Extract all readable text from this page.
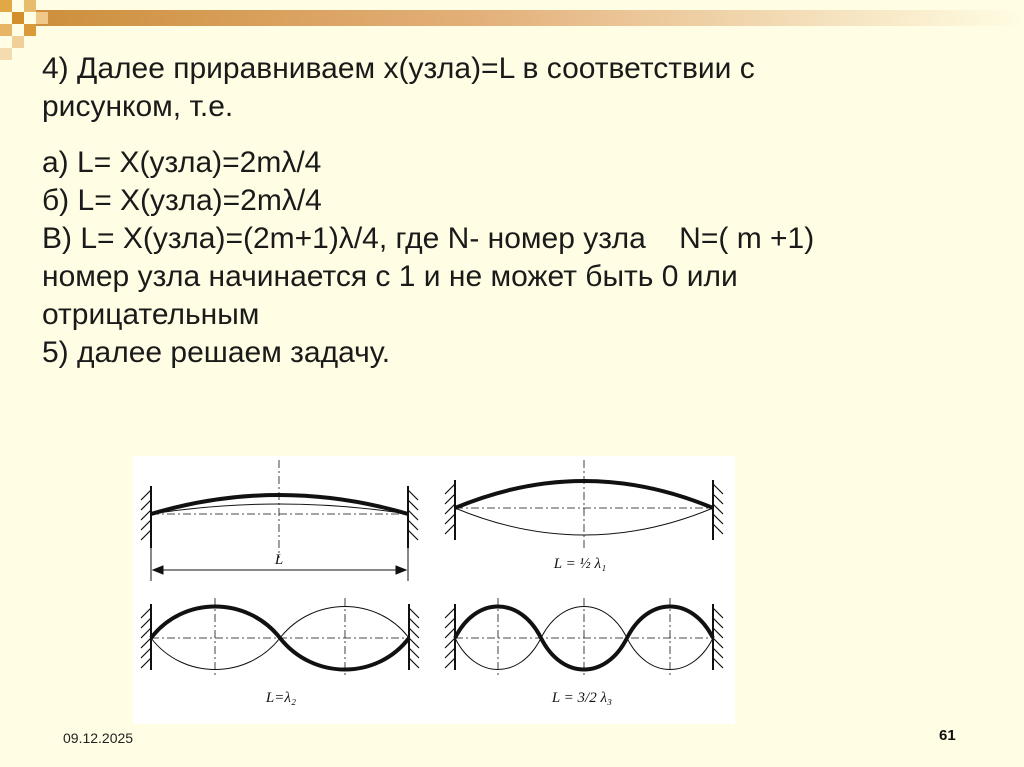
4) Далее приравниваем х(узла)=L в соответствии с

рисунком, т.е.

а) L= Х(узла)=2mλ/4

б) L= Х(узла)=2mλ/4

В) L= Х(узла)=(2m+1)λ/4, где N- номер узла    N=( m +1)

номер узла начинается с 1 и не может быть 0 или

отрицательным

5) далее решаем задачу.

L	L = ½ λ₁
L=λ₂	L = 3/2 λ₃
09.12.2025	61
